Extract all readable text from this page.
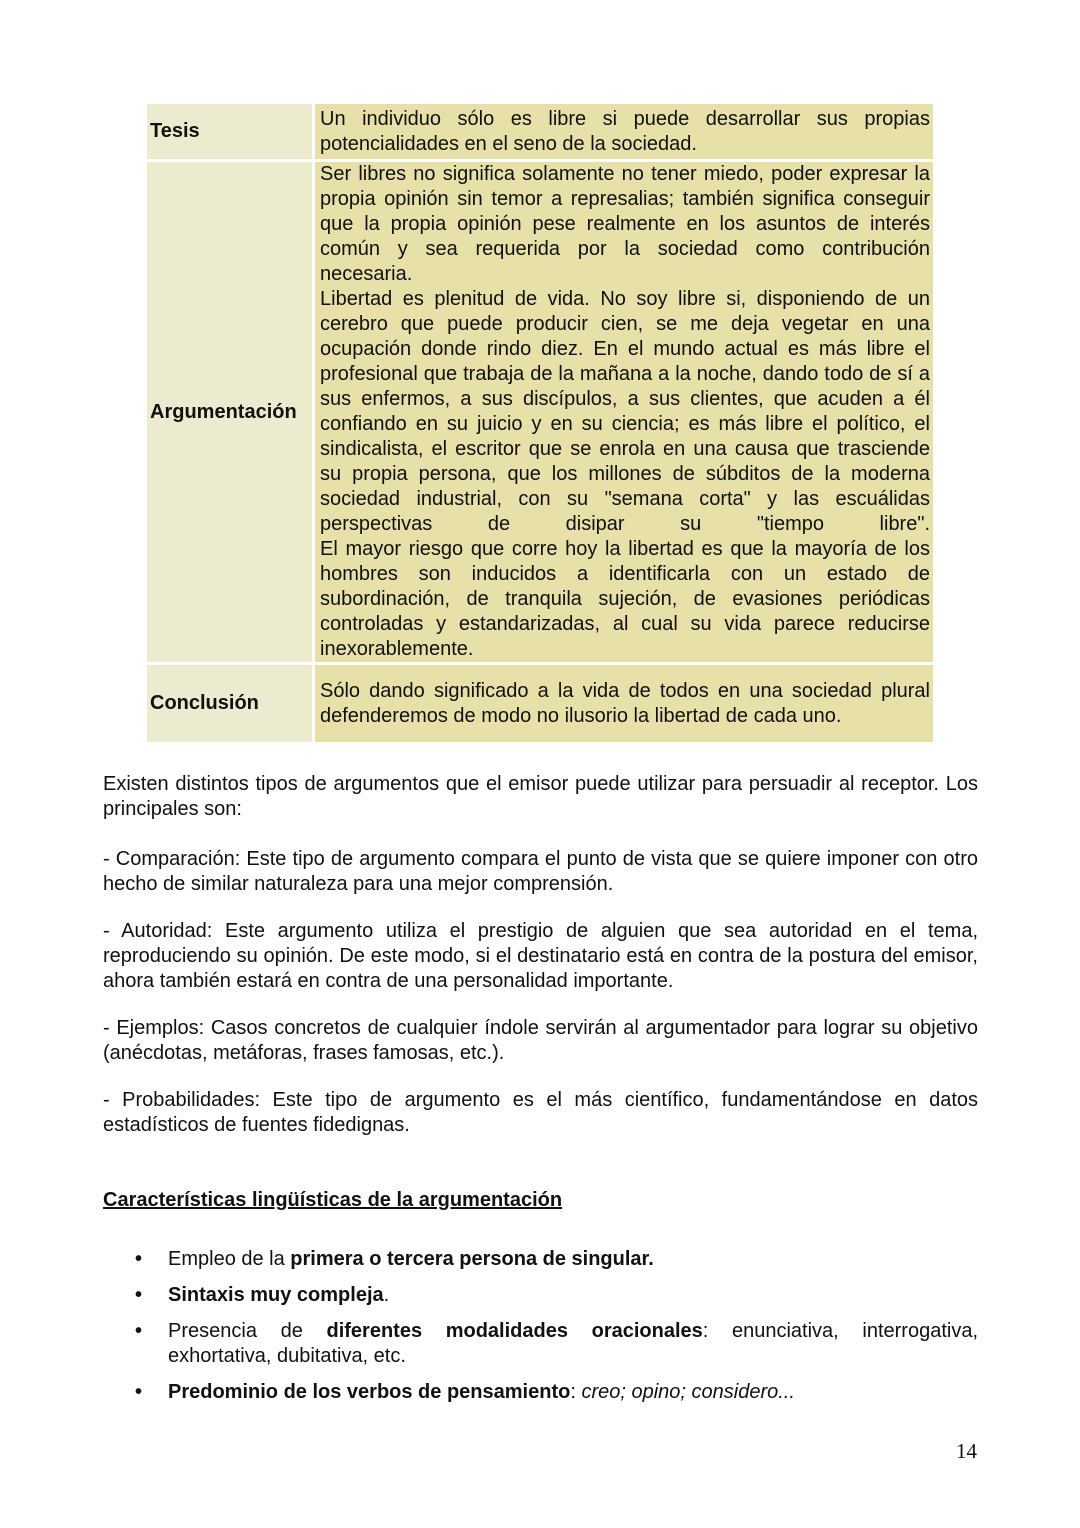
Tesis	Un individuo sólo es libre si puede desarrollar sus propias potencialidades en el seno de la sociedad.

Argumentación	Ser libres no significa solamente no tener miedo, poder expresar la propia opinión sin temor a represalias; también significa conseguir que la propia opinión pese realmente en los asuntos de interés común y sea requerida por la sociedad como contribución necesaria.
Libertad es plenitud de vida. No soy libre si, disponiendo de un cerebro que puede producir cien, se me deja vegetar en una ocupación donde rindo diez. En el mundo actual es más libre el profesional que trabaja de la mañana a la noche, dando todo de sí a sus enfermos, a sus discípulos, a sus clientes, que acuden a él confiando en su juicio y en su ciencia; es más libre el político, el sindicalista, el escritor que se enrola en una causa que trasciende su propia persona, que los millones de súbditos de la moderna sociedad industrial, con su "semana corta" y las escuálidas perspectivas de disipar su "tiempo libre".
El mayor riesgo que corre hoy la libertad es que la mayoría de los hombres son inducidos a identificarla con un estado de subordinación, de tranquila sujeción, de evasiones periódicas controladas y estandarizadas, al cual su vida parece reducirse inexorablemente.

Conclusión	Sólo dando significado a la vida de todos en una sociedad plural defenderemos de modo no ilusorio la libertad de cada uno.

Existen distintos tipos de argumentos que el emisor puede utilizar para persuadir al receptor. Los principales son:

- Comparación: Este tipo de argumento compara el punto de vista que se quiere imponer con otro hecho de similar naturaleza para una mejor comprensión.

- Autoridad: Este argumento utiliza el prestigio de alguien que sea autoridad en el tema, reproduciendo su opinión. De este modo, si el destinatario está en contra de la postura del emisor, ahora también estará en contra de una personalidad importante.

- Ejemplos: Casos concretos de cualquier índole servirán al argumentador para lograr su objetivo (anécdotas, metáforas, frases famosas, etc.).

- Probabilidades: Este tipo de argumento es el más científico, fundamentándose en datos estadísticos de fuentes fidedignas.

Características lingüísticas de la argumentación
• Empleo de la primera o tercera persona de singular.
• Sintaxis muy compleja.
• Presencia de diferentes modalidades oracionales: enunciativa, interrogativa, exhortativa, dubitativa, etc.
• Predominio de los verbos de pensamiento: creo; opino; considero...
14
